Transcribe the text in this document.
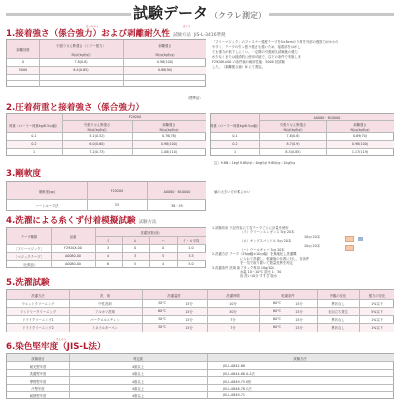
試験データ （クラレ測定）
1.接着強さ（係合強力）および剥離耐久性 試験方法 JIS-L-3416準拠
せっちゃく	はくり
剥離回数
引張りせん断強さ（シアー強力）	剥離強さ
N/㎠(kgf/㎠)	N/㎝(kgf/㎝)
0	7.8(0.8)	0.98(100)
5000	6.4(0.65)	0.88(90)
（標準品）
「フリーマジック」のファスナー強度テープを5×8cmのり材を外部の強度力がかかり
やすく、テープの引っ張り強さも強いため、接着部をはがし
ても強力が低下しにくい。一定間の引張耐久試験後の強力
が少なくまたは経済的に使用可能で、以下の条件で実施しま
F2920K×00 の条件値の耐用性能：5000 回試験
した。（剥離強さ値）N にて測定。
2.圧着荷重と接着強さ（係合強力）
F2920X
荷重（ローラー荷重kg/8.5㎝幅）	引張りせん断強さ	剥離強さ
N/㎠(kgf/㎠)	N/㎝(kgf/㎝)
0.1	5.1(0.52)	0.76(78)
0.2	6.0(0.60)	0.98(100)
1	7.2(0.73)	1.08(110)
A0080・B10000
荷重（ローラー荷重kg/8.5㎝幅）	引張りせん断強さ	剥離強さ
N/㎠(kgf/㎠)	N/㎝(kgf/㎝)
0.1	7.8(0.8)	0.69(70)
0.2	8.7(0.9)	0.98(100)
1	8.3(0.85)	1.17(119)
注）9.8N＝1kgf 9.8N/㎠＝1kgf/㎠ 9.8N/㎝＝1kgf/㎝
3.剛軟度
剛軟度(㎜)	F2920X	A0080・B10000
ハートループ法	53	38・45
値の大きい方が柔らかい
4.洗濯による糸くず付着模擬試験 試験方法
テープ種類	品番
洗濯回数(回)
イ	ロ	ハ	イ・ロ平均
［フリーマジック］	F2920X-00	3	0	0	1.0
［マジックテープ］	A0080-00	4	3	5	3.5
（比較品）	A0080-00	6	5	4	5.0
1.試験布帛 下記内容にて各テープごとに計量を使用
（イ）クリーンエレガンス 5㎝ 20本
10㎝ 20本
（ロ）キングスパンドル 5㎝ 20本
10㎝ 20本
（ハ）ウールギャバ 5㎝ 20本
2.洗濯方法 テープ（25㎜幅×10㎝幅）を無地化し洗濯機
に入れて洗濯し、乾燥後の付着に対し、各条件
を一気で取り除いて数量差異を判定
3.洗濯条件 洗剤 新アタック専用 10g/10L
水温 10～10℃ 浴比 1：30
浴 洗い10分 すすぎ 脱水
5.洗濯試験
洗濯方法	洗　剤	洗濯温度	洗濯時間	乾燥条件	外観の変化	強力の変化
ウエットクリーニング	中性洗剤	30℃	15分	10分	60℃	15分	異状なし	1%以下
ランドリークリーニング	アルカリ洗剤	60℃	15分	30分	60℃	15分	毛羽立ち発生	5%以下
ドライクリーニング1	パークロルエチレン	30℃	15分	7分	60℃	15分	異状なし	1%以下
ドライクリーニング2	ミネラルターペン	30℃	15分	7分	60℃	15分	異状なし	1%以下
6.染色堅牢度（JIS-L法）
けんろう
試験項目	判定級	試験方法
耐光堅牢度	4級以上	JIS-L-0842-88
洗濯堅牢度	4級以上	JIS-L-0844-88 A-2法
摩擦堅牢度	4級以上	JIS-L-0849-75 Ⅱ形
汗堅牢度	4級以上	JIS-L-0848-78 C法
耐熱堅牢度	4級以上	JIS-L-0849-71
